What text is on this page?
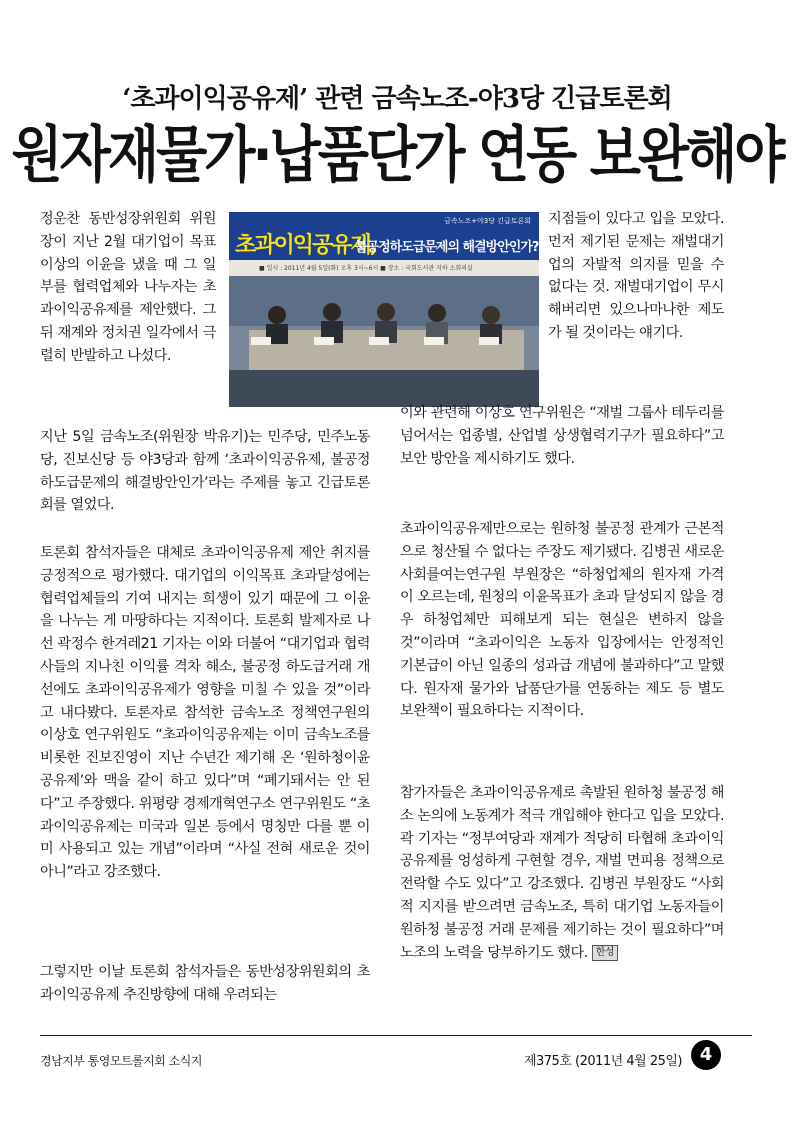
‘초과이익공유제’ 관련 금속노조-야3당 긴급토론회
원자재물가·납품단가 연동 보완해야
금속노조+야3당 긴급토론회
초과이익공유제,
불공정하도급문제의 해결방안인가?
■ 일시 : 2011년 4월 5일(화) 오후 3시~6시 ■ 장소 : 국회도서관 지하 소회의실

정운찬 동반성장위원회 위원장이 지난 2월 대기업이 목표 이상의 이윤을 냈을 때 그 일부를 협력업체와 나누자는 초과이익공유제를 제안했다. 그 뒤 재계와 정치권 일각에서 극렬히 반발하고 나섰다.

지난 5일 금속노조(위원장 박유기)는 민주당, 민주노동당, 진보신당 등 야3당과 함께 ‘초과이익공유제, 불공정하도급문제의 해결방안인가’라는 주제를 놓고 긴급토론회를 열었다.

토론회 참석자들은 대체로 초과이익공유제 제안 취지를 긍정적으로 평가했다. 대기업의 이익목표 초과달성에는 협력업체들의 기여 내지는 희생이 있기 때문에 그 이윤을 나누는 게 마땅하다는 지적이다. 토론회 발제자로 나선 곽정수 한겨레21 기자는 이와 더불어 “대기업과 협력사들의 지나친 이익률 격차 해소, 불공정 하도급거래 개선에도 초과이익공유제가 영향을 미칠 수 있을 것”이라고 내다봤다. 토론자로 참석한 금속노조 정책연구원의 이상호 연구위원도 “초과이익공유제는 이미 금속노조를 비롯한 진보진영이 지난 수년간 제기해 온 ‘원하청이윤공유제’와 맥을 같이 하고 있다”며 “폐기돼서는 안 된다”고 주장했다. 위평량 경제개혁연구소 연구위원도 “초과이익공유제는 미국과 일본 등에서 명칭만 다를 뿐 이미 사용되고 있는 개념”이라며 “사실 전혀 새로운 것이 아니”라고 강조했다.

그렇지만 이날 토론회 참석자들은 동반성장위원회의 초과이익공유제 추진방향에 대해 우려되는

지점들이 있다고 입을 모았다. 먼저 제기된 문제는 재벌대기업의 자발적 의지를 믿을 수 없다는 것. 재벌대기업이 무시해버리면 있으나마나한 제도가 될 것이라는 얘기다.

이와 관련해 이상호 연구위원은 “재벌 그룹사 테두리를 넘어서는 업종별, 산업별 상생협력기구가 필요하다”고 보안 방안을 제시하기도 했다.

초과이익공유제만으로는 원하청 불공정 관계가 근본적으로 청산될 수 없다는 주장도 제기됐다. 김병권 새로운사회를여는연구원 부원장은 “하청업체의 원자재 가격이 오르는데, 원청의 이윤목표가 초과 달성되지 않을 경우 하청업체만 피해보게 되는 현실은 변하지 않을 것”이라며 “초과이익은 노동자 입장에서는 안정적인 기본급이 아닌 일종의 성과급 개념에 불과하다”고 말했다. 원자재 물가와 납품단가를 연동하는 제도 등 별도 보완책이 필요하다는 지적이다.

참가자들은 초과이익공유제로 촉발된 원하청 불공정 해소 논의에 노동계가 적극 개입해야 한다고 입을 모았다. 곽 기자는 “정부여당과 재계가 적당히 타협해 초과이익공유제를 엉성하게 구현할 경우, 재벌 면피용 정책으로 전락할 수도 있다”고 강조했다. 김병권 부원장도 “사회적 지지를 받으려면 금속노조, 특히 대기업 노동자들이 원하청 불공정 거래 문제를 제기하는 것이 필요하다”며 노조의 노력을 당부하기도 했다. 한성

경남지부 통영모트롤지회 소식지	제375호 (2011년 4월 25일) 4
